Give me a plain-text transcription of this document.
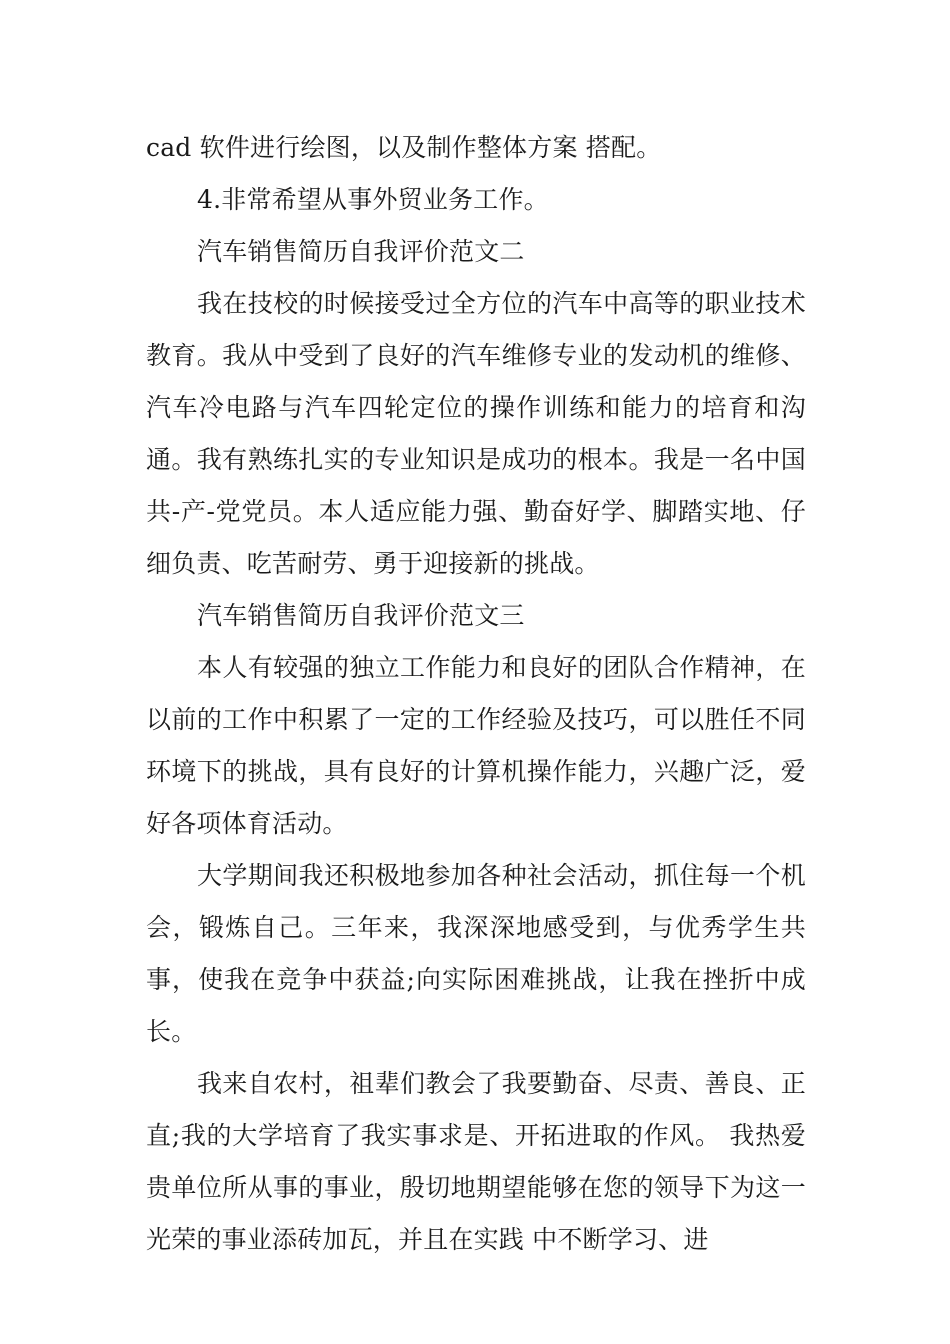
cad 软件进行绘图，以及制作整体方案 搭配。

4.非常希望从事外贸业务工作。

汽车销售简历自我评价范文二

我在技校的时候接受过全方位的汽车中高等的职业技术教育。我从中受到了良好的汽车维修专业的发动机的维修、汽车冷电路与汽车四轮定位的操作训练和能力的培育和沟通。我有熟练扎实的专业知识是成功的根本。我是一名中国共-产-党党员。本人适应能力强、勤奋好学、脚踏实地、仔细负责、吃苦耐劳、勇于迎接新的挑战。

汽车销售简历自我评价范文三

本人有较强的独立工作能力和良好的团队合作精神，在以前的工作中积累了一定的工作经验及技巧，可以胜任不同环境下的挑战，具有良好的计算机操作能力，兴趣广泛，爱好各项体育活动。

大学期间我还积极地参加各种社会活动，抓住每一个机会，锻炼自己。三年来，我深深地感受到，与优秀学生共事，使我在竞争中获益;向实际困难挑战，让我在挫折中成长。

我来自农村，祖辈们教会了我要勤奋、尽责、善良、正直;我的大学培育了我实事求是、开拓进取的作风。 我热爱贵单位所从事的事业，殷切地期望能够在您的领导下为这一光荣的事业添砖加瓦，并且在实践 中不断学习、进
